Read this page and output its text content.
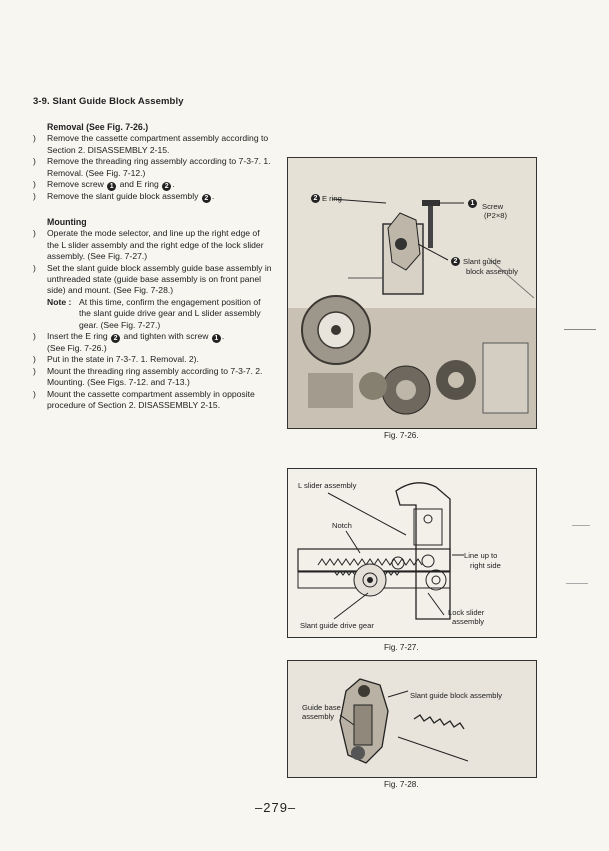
3-9. Slant Guide Block Assembly
Removal (See Fig. 7-26.)
) Remove the cassette compartment assembly according to Section 2. DISASSEMBLY 2-15.
) Remove the threading ring assembly according to 7-3-7. 1. Removal. (See Fig. 7-12.)
) Remove screw 1 and E ring 2 .
) Remove the slant guide block assembly 2 .
Mounting
) Operate the mode selector, and line up the right edge of the L slider assembly and the right edge of the lock slider assembly. (See Fig. 7-27.)
) Set the slant guide block assembly guide base assembly in unthreaded state (guide base assembly is on front panel side) and mount. (See Fig. 7-28.)
Note : At this time, confirm the engagement position of the slant guide drive gear and L slider assembly gear. (See Fig. 7-27.)
) Insert the E ring 2 and tighten with screw 1 .
(See Fig. 7-26.)
) Put in the state in 7-3-7. 1. Removal. 2).
) Mount the threading ring assembly according to 7-3-7. 2. Mounting. (See Figs. 7-12. and 7-13.)
) Mount the cassette compartment assembly in opposite procedure of Section 2. DISASSEMBLY 2-15.
2 E ring
1 Screw
(P2×8)
2 Slant guide
block assembly
Fig. 7-26.
L slider assembly
Notch
Line up to
right side
Lock slider
assembly
Slant guide drive gear
Fig. 7-27.
Slant guide block assembly
Guide base
assembly
Fig. 7-28.
–279–
